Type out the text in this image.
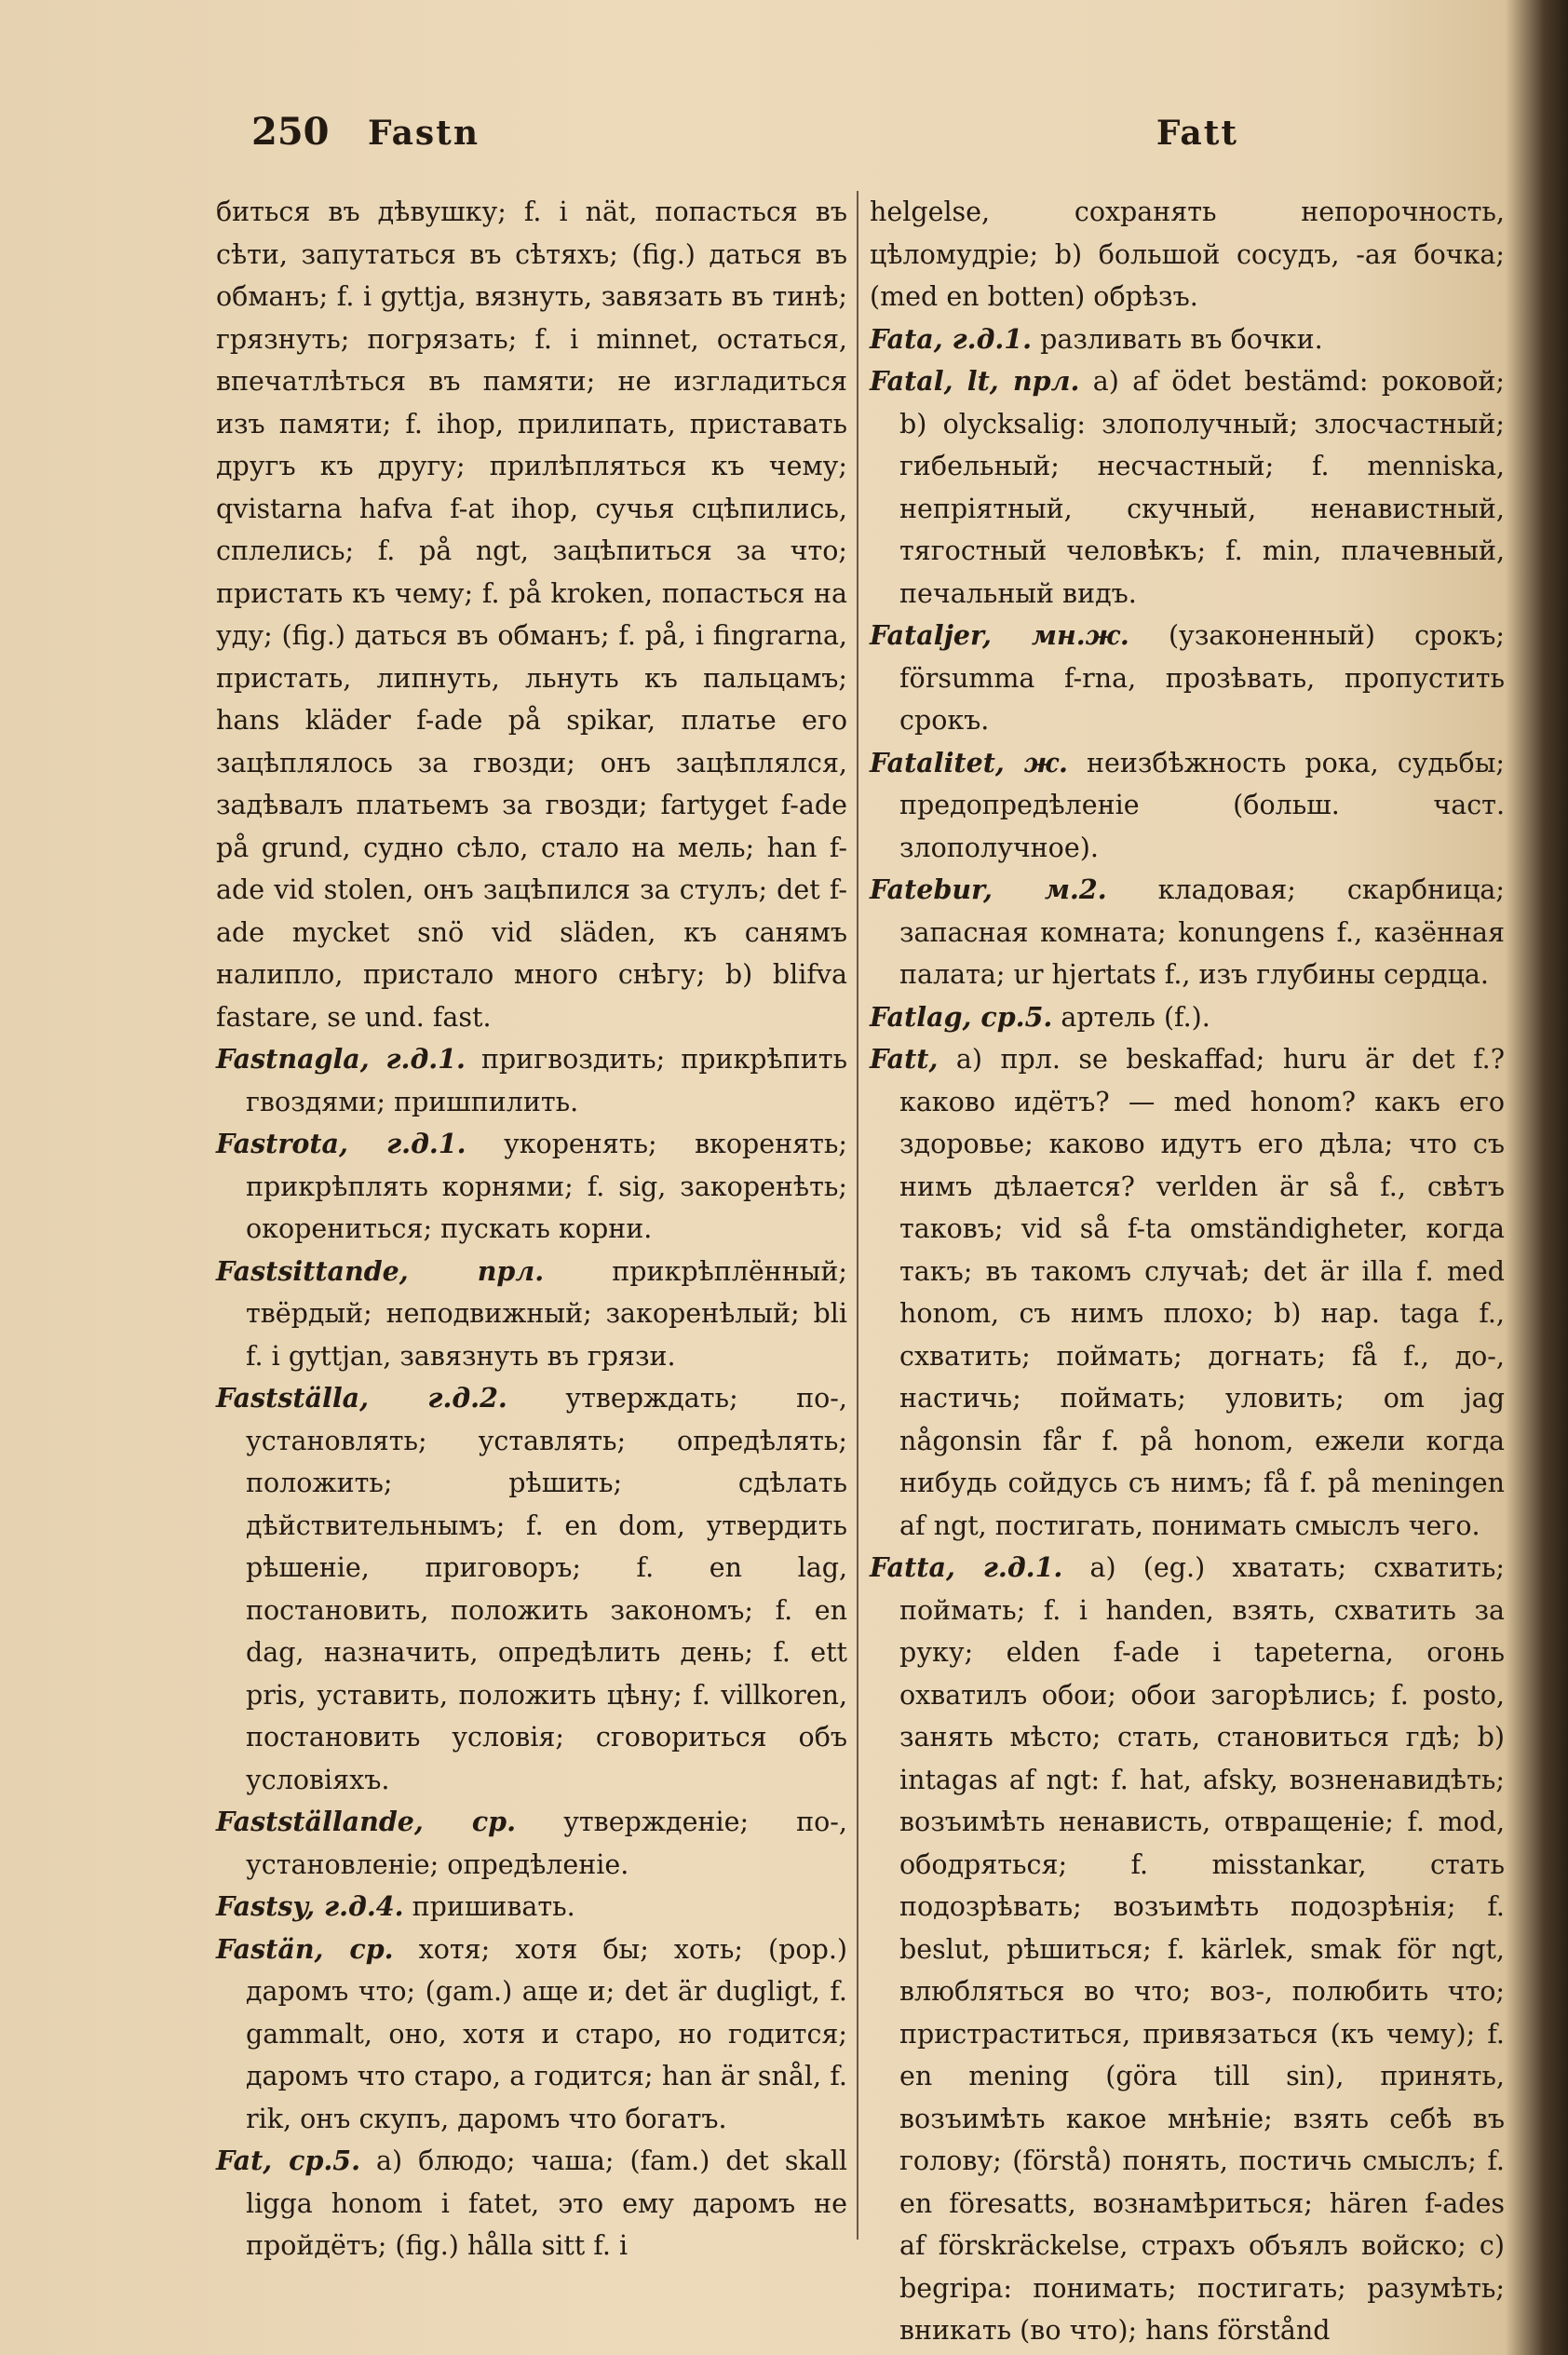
250 Fastn	Fatt

биться въ дѣвушку; f. i nät, попасться въ сѣти, запутаться въ сѣтяхъ; (fig.) даться въ обманъ; f. i gyttja, вязнуть, завязать въ тинѣ; грязнуть; погрязать; f. i minnet, остаться, впечатлѣться въ памяти; не изгладиться изъ памяти; f. ihop, прилипать, приставать другъ къ другу; прилѣпляться къ чему; qvistarna hafva f-at ihop, сучья сцѣпились, сплелись; f. på ngt, зацѣпиться за что; пристать къ чему; f. på kroken, попасться на уду; (fig.) даться въ обманъ; f. på, i fingrarna, пристать, липнуть, льнуть къ пальцамъ; hans kläder f-ade på spikar, платье его зацѣплялось за гвозди; онъ зацѣплялся, задѣвалъ платьемъ за гвозди; fartyget f-ade på grund, судно сѣло, стало на мель; han f-ade vid stolen, онъ зацѣпился за стулъ; det f-ade mycket snö vid släden, къ санямъ налипло, пристало много снѣгу; b) blifva fastare, se und. fast.

Fastnagla, г.д.1. пригвоздить; прикрѣпить гвоздями; пришпилить.

Fastrota, г.д.1. укоренять; вкоренять; прикрѣплять корнями; f. sig, закоренѣть; окорениться; пускать корни.

Fastsittande, прл.	прикрѣплённый; твёрдый; неподвижный; закоренѣлый; bli f. i gyttjan, завязнуть въ грязи.

Fastställa, г.д.2. утверждать; по-, установлять; уставлять; опредѣлять; положить; рѣшить; сдѣлать дѣйствительнымъ; f. en dom, утвердить рѣшеніе, приговоръ; f. en lag, постановить, положить закономъ; f. en dag, назначить, опредѣлить день; f. ett pris, уставить, положить цѣну; f. villkoren, постановить условія; сговориться объ условіяхъ.

Fastställande, ср. утвержденіе; по-, установленіе; опредѣленіе.

Fastsy, г.д.4. пришивать.

Fastän, ср. хотя; хотя бы; хоть; (pop.) даромъ что; (gam.) аще и; det är dugligt, f. gammalt, оно, хотя и старо, но годится; даромъ что старо, а годится; han är snål, f. rik, онъ скупъ, даромъ что богатъ.

Fat, ср.5. a) блюдо; чаша; (fam.) det skall ligga honom i fatet, это ему даромъ не пройдётъ; (fig.) hålla sitt f. i

helgelse, сохранять непорочность, цѣломудріе; b) большой сосудъ, -ая бочка; (med en botten) обрѣзъ.

Fata, г.д.1. разливать въ бочки.

Fatal, lt, прл. a) af ödet bestämd: роковой; b) olycksalig: злополучный; злосчастный; гибельный; несчастный; f. menniska, непріятный, скучный, ненавистный, тягостный человѣкъ; f. min, плачевный, печальный видъ.

Fataljer, мн.ж. (узаконенный) срокъ; försumma f-rna, прозѣвать, пропустить срокъ.

Fatalitet, ж. неизбѣжность рока, судьбы; предопредѣленіе (больш. част. злополучное).

Fatebur, м.2. кладовая; скарбница; запасная комната; konungens f., казённая палата; ur hjertats f., изъ глубины сердца.

Fatlag, ср.5. артель (f.).

Fatt, a) прл. se beskaffad; huru är det f.? каково идётъ? — med honom? какъ его здоровье; каково идутъ его дѣла; что съ нимъ дѣлается? verlden är så f., свѣтъ таковъ; vid så f-ta omständigheter, когда такъ; въ такомъ случаѣ; det är illa f. med honom, съ нимъ плохо; b) нар. taga f., схватить; поймать; догнать; få f., до-, настичь; поймать; уловить; om jag någonsin får f. på honom, ежели когда нибудь сойдусь съ нимъ; få f. på meningen af ngt, постигать, понимать смыслъ чего.

Fatta, г.д.1. a) (eg.) хватать; схватить; поймать; f. i handen, взять, схватить за руку; elden f-ade i tapeterna, огонь охватилъ обои; обои загорѣлись; f. posto, занять мѣсто; стать, становиться гдѣ; b) intagas af ngt: f. hat, afsky, возненавидѣть; возъимѣть ненависть, отвращеніе; f. mod, ободряться; f. misstankar, стать подозрѣвать; возъимѣть подозрѣнія; f. beslut, рѣшиться; f. kärlek, smak för ngt, влюбляться во что; воз-, полюбить что; пристраститься, привязаться (къ чему); f. en mening (göra till sin), принять, возъимѣть какое мнѣніе; взять себѣ въ голову; (förstå) понять, постичь смыслъ; f. en föresatts, вознамѣриться; hären f-ades af förskräckelse, страхъ объялъ войско; c) begripa: понимать; постигать; разумѣть; вникать (во что); hans förstånd
